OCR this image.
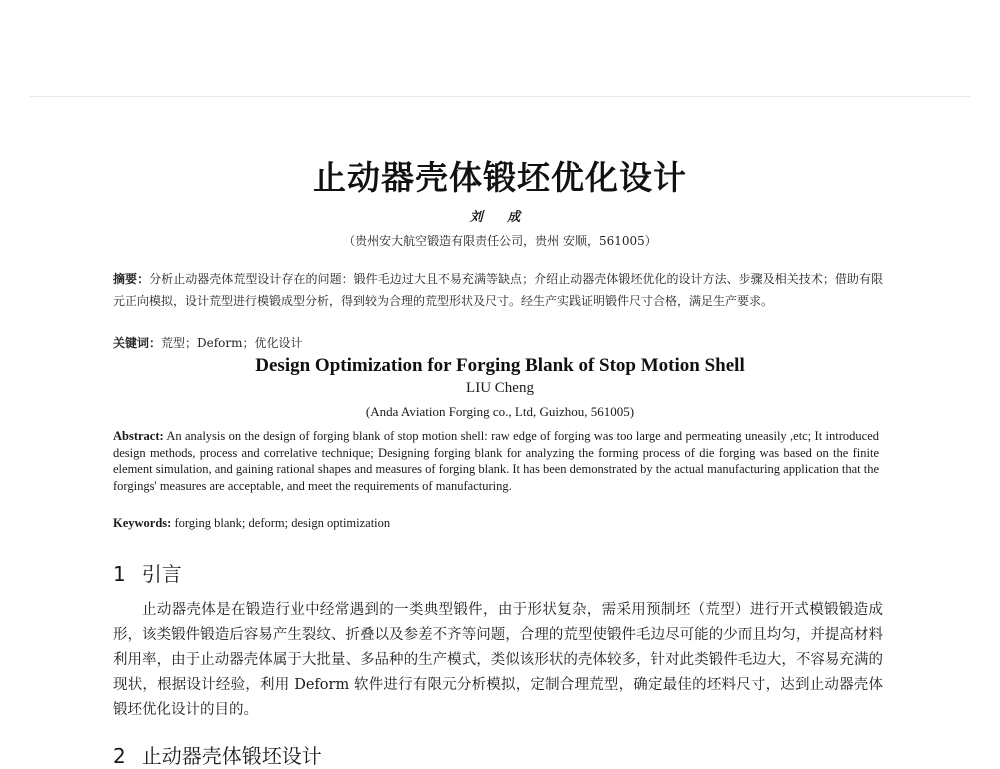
止动器壳体锻坯优化设计
刘 成
（贵州安大航空锻造有限责任公司，贵州 安顺，561005）
摘要：分析止动器壳体荒型设计存在的问题：锻件毛边过大且不易充满等缺点；介绍止动器壳体锻坯优化的设计方法、步骤及相关技术；借助有限元正向模拟，设计荒型进行模锻成型分析，得到较为合理的荒型形状及尺寸。经生产实践证明锻件尺寸合格，满足生产要求。
关键词：荒型；Deform；优化设计
Design Optimization for Forging Blank of Stop Motion Shell
LIU Cheng
(Anda Aviation Forging co., Ltd, Guizhou, 561005)
Abstract: An analysis on the design of forging blank of stop motion shell: raw edge of forging was too large and permeating uneasily ,etc; It introduced design methods, process and correlative technique; Designing forging blank for analyzing the forming process of die forging was based on the finite element simulation, and gaining rational shapes and measures of forging blank. It has been demonstrated by the actual manufacturing application that the forgings' measures are acceptable, and meet the requirements of manufacturing.
Keywords: forging blank; deform; design optimization
1 引言
止动器壳体是在锻造行业中经常遇到的一类典型锻件，由于形状复杂，需采用预制坯（荒型）进行开式模锻锻造成形，该类锻件锻造后容易产生裂纹、折叠以及参差不齐等问题，合理的荒型使锻件毛边尽可能的少而且均匀，并提高材料利用率，由于止动器壳体属于大批量、多品种的生产模式，类似该形状的壳体较多，针对此类锻件毛边大，不容易充满的现状，根据设计经验，利用 Deform 软件进行有限元分析模拟，定制合理荒型，确定最佳的坯料尺寸，达到止动器壳体锻坯优化设计的目的。
2 止动器壳体锻坯设计
